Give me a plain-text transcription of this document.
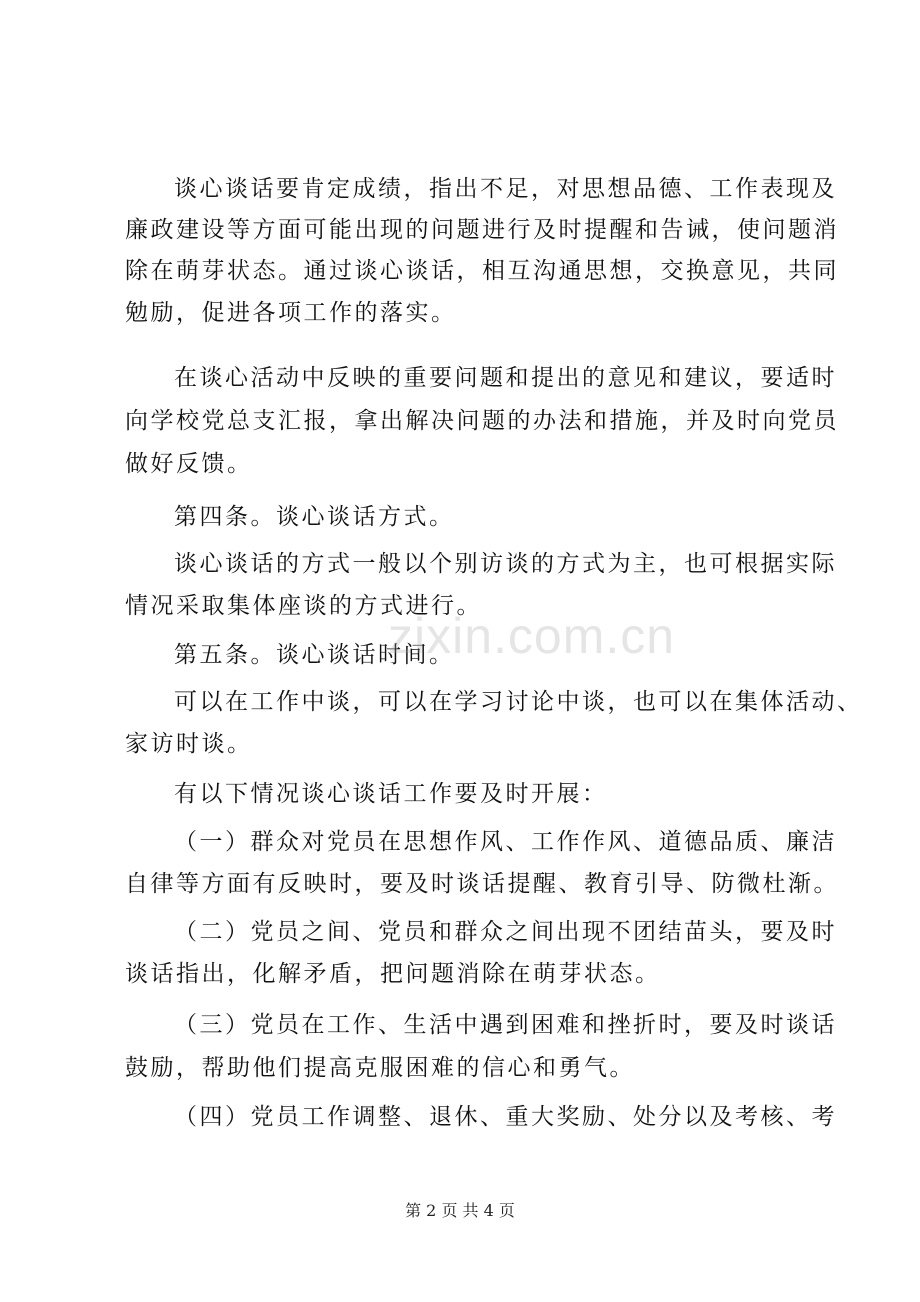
谈心谈话要肯定成绩，指出不足，对思想品德、工作表现及
廉政建设等方面可能出现的问题进行及时提醒和告诫，使问题消
除在萌芽状态。通过谈心谈话，相互沟通思想，交换意见，共同
勉励，促进各项工作的落实。
在谈心活动中反映的重要问题和提出的意见和建议，要适时
向学校党总支汇报，拿出解决问题的办法和措施，并及时向党员
做好反馈。
第四条。谈心谈话方式。
谈心谈话的方式一般以个别访谈的方式为主，也可根据实际
情况采取集体座谈的方式进行。
第五条。谈心谈话时间。
可以在工作中谈，可以在学习讨论中谈，也可以在集体活动、
家访时谈。
有以下情况谈心谈话工作要及时开展：
（一）群众对党员在思想作风、工作作风、道德品质、廉洁
自律等方面有反映时，要及时谈话提醒、教育引导、防微杜渐。
（二）党员之间、党员和群众之间出现不团结苗头，要及时
谈话指出，化解矛盾，把问题消除在萌芽状态。
（三）党员在工作、生活中遇到困难和挫折时，要及时谈话
鼓励，帮助他们提高克服困难的信心和勇气。
（四）党员工作调整、退休、重大奖励、处分以及考核、考
zixin.com.cn
第 2 页 共 4 页
